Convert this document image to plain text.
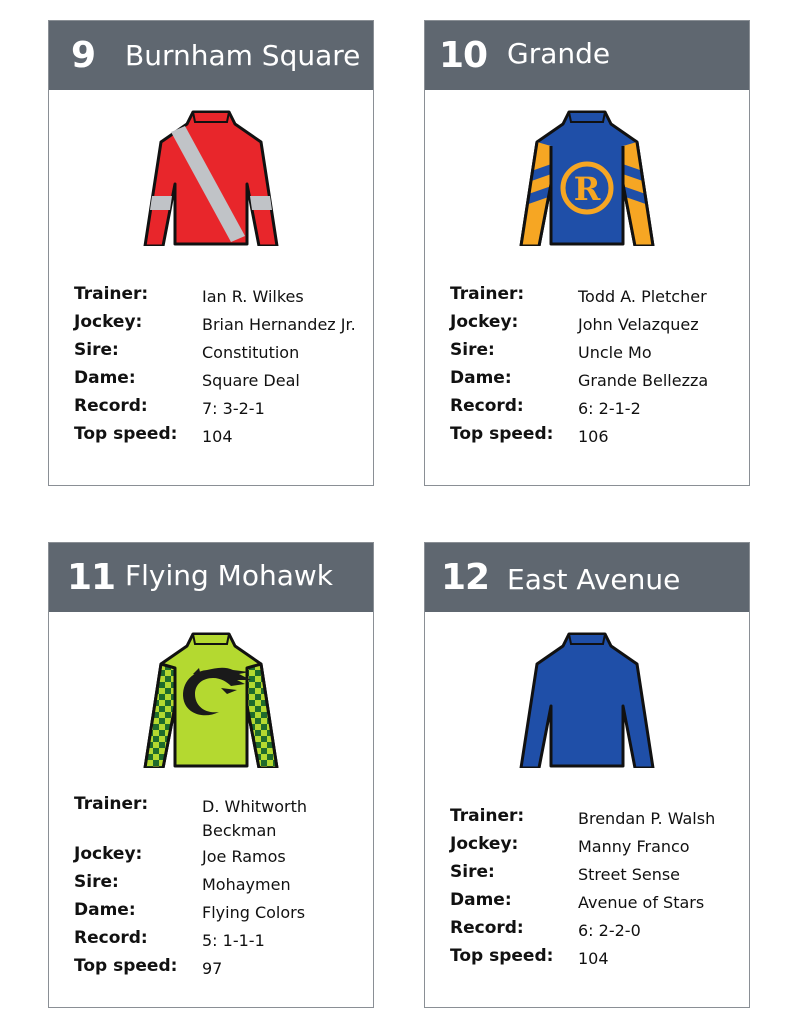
9 Burnham Square
Trainer:	Ian R. Wilkes
Jockey:	Brian Hernandez Jr.
Sire:	Constitution
Dame:	Square Deal
Record:	7: 3-2-1
Top speed:	104
10 Grande
R
Trainer:	Todd A. Pletcher
Jockey:	John Velazquez
Sire:	Uncle Mo
Dame:	Grande Bellezza
Record:	6: 2-1-2
Top speed:	106
11 Flying Mohawk
Trainer:	D. Whitworth
Beckman
Jockey:	Joe Ramos
Sire:	Mohaymen
Dame:	Flying Colors
Record:	5: 1-1-1
Top speed:	97
12 East Avenue
Trainer:	Brendan P. Walsh
Jockey:	Manny Franco
Sire:	Street Sense
Dame:	Avenue of Stars
Record:	6: 2-2-0
Top speed:	104
